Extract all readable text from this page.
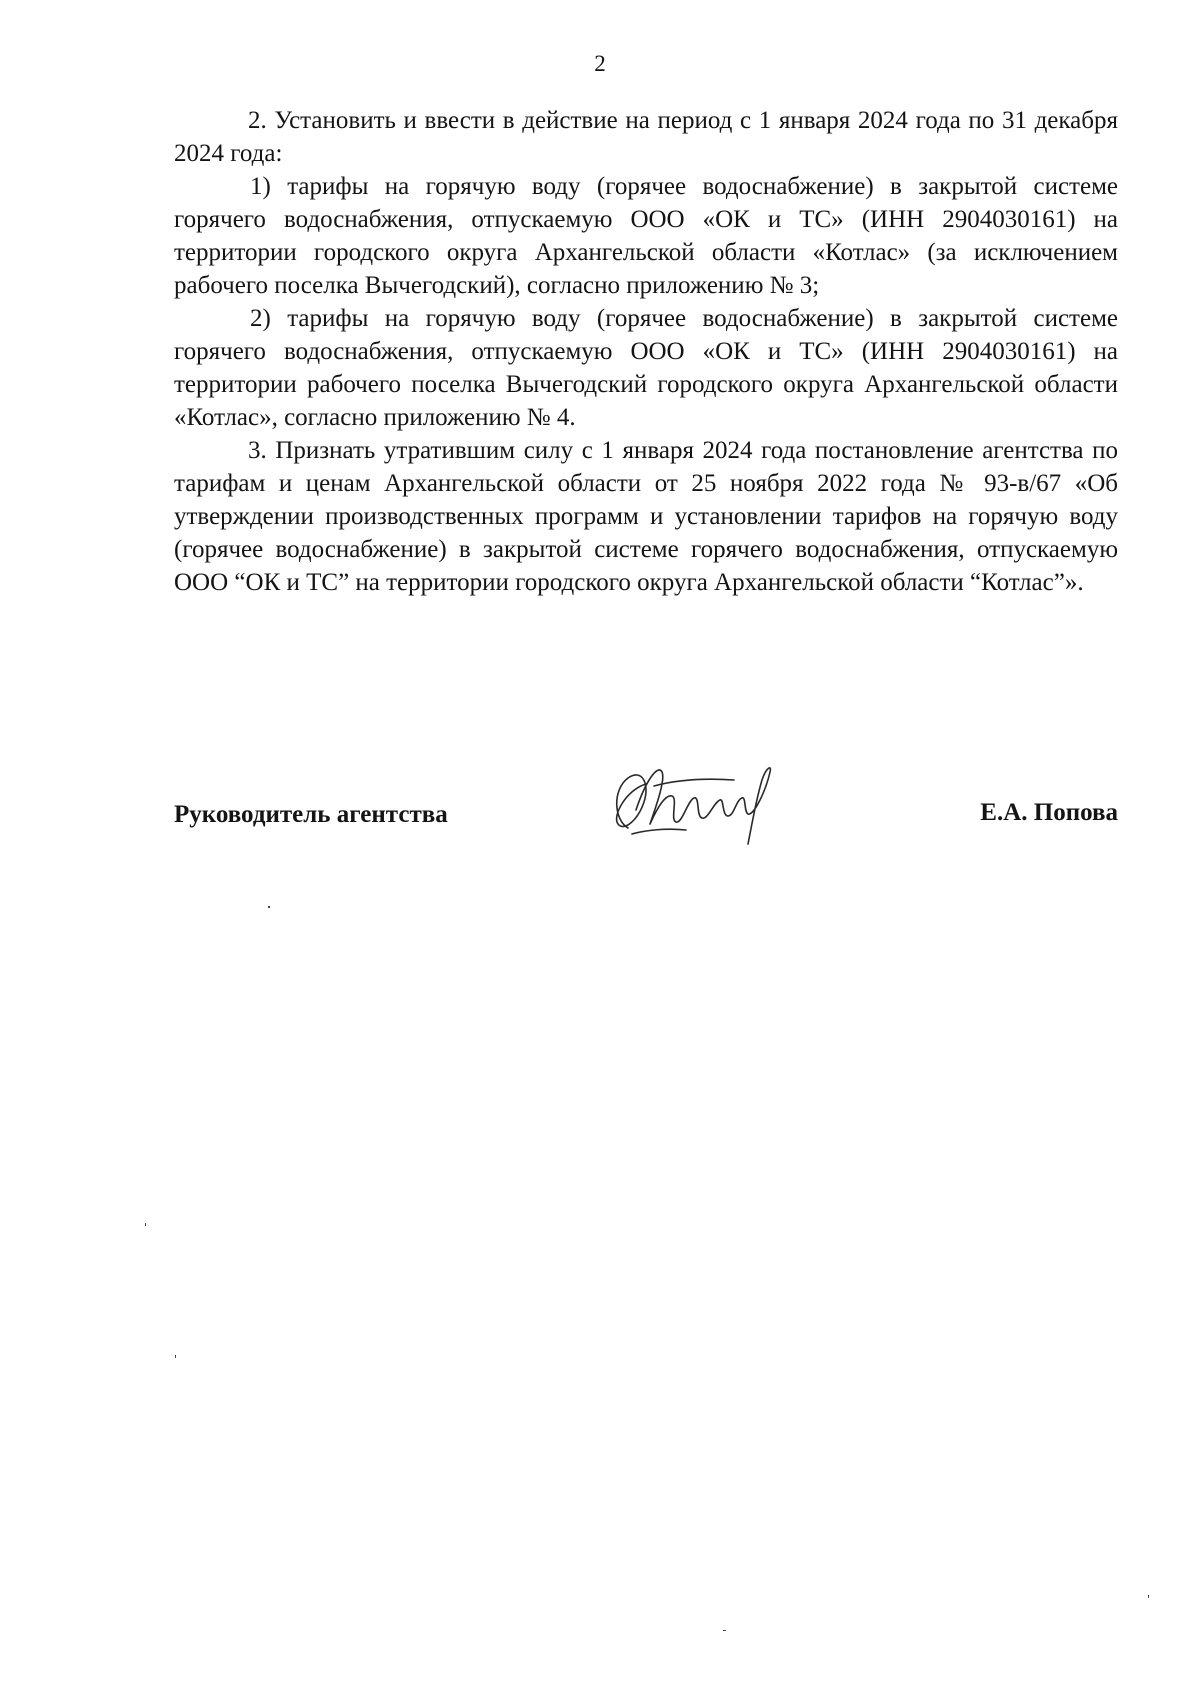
2

2. Установить и ввести в действие на период с 1 января 2024 года по 31 декабря 2024 года:

1) тарифы на горячую воду (горячее водоснабжение) в закрытой системе горячего водоснабжения, отпускаемую ООО «ОК и ТС» (ИНН 2904030161) на территории городского округа Архангельской области «Котлас» (за исключением рабочего поселка Вычегодский), согласно приложению № 3;

2) тарифы на горячую воду (горячее водоснабжение) в закрытой системе горячего водоснабжения, отпускаемую ООО «ОК и ТС» (ИНН 2904030161) на территории рабочего поселка Вычегодский городского округа Архангельской области «Котлас», согласно приложению № 4.

3. Признать утратившим силу с 1 января 2024 года постановление агентства по тарифам и ценам Архангельской области от 25 ноября 2022 года № 93-в/67 «Об утверждении производственных программ и установлении тарифов на горячую воду (горячее водоснабжение) в закрытой системе горячего водоснабжения, отпускаемую ООО “ОК и ТС” на территории городского округа Архангельской области “Котлас”».

Руководитель агентства	Е.А. Попова
